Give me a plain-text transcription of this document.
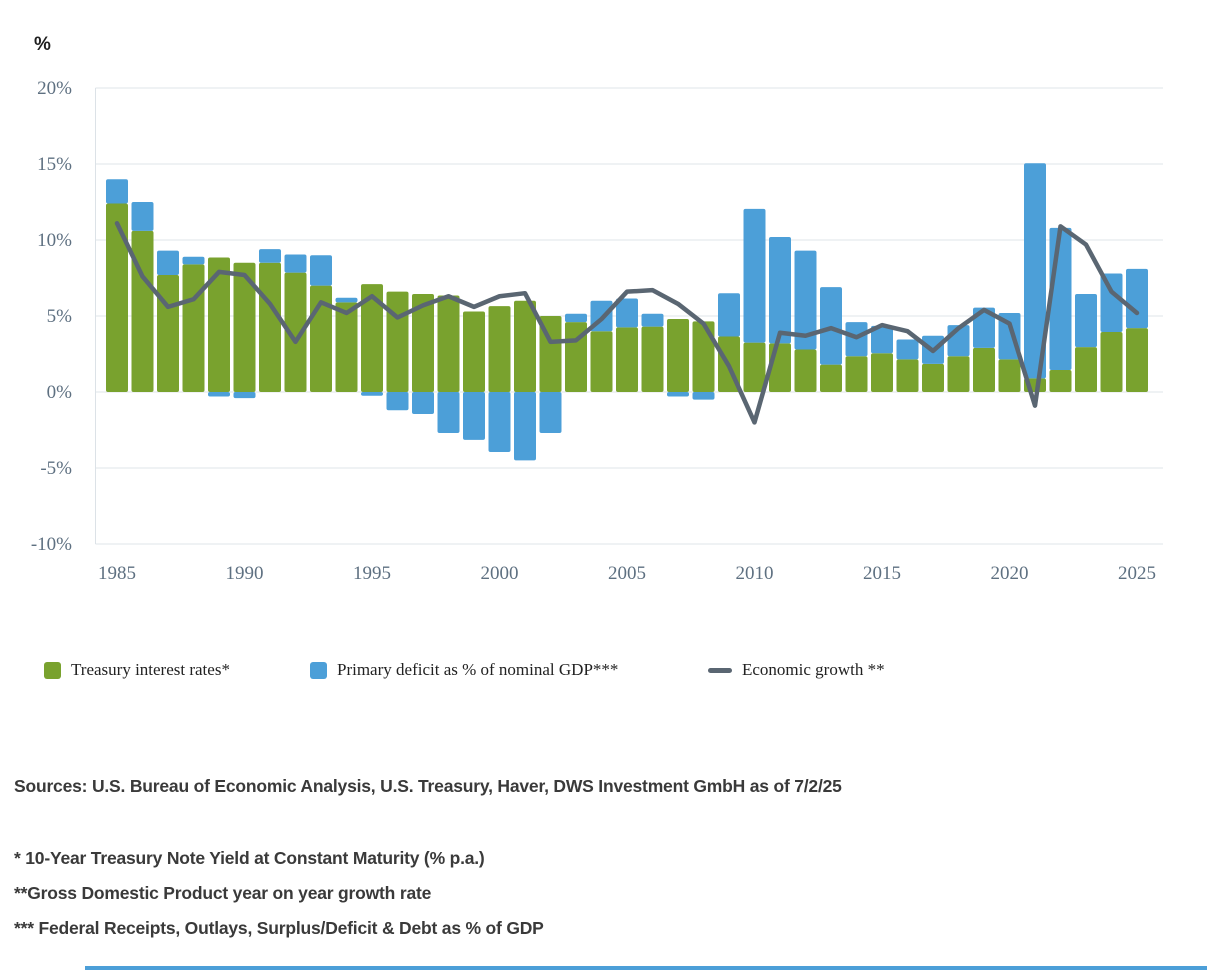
%
20%
15%
10%
5%
0%
-5%
-10%
1985	1990	1995	2000	2005	2010	2015	2020	2025
Treasury interest rates*	Primary deficit as % of nominal GDP***	Economic growth **
Sources: U.S. Bureau of Economic Analysis, U.S. Treasury, Haver, DWS Investment GmbH as of 7/2/25
* 10-Year Treasury Note Yield at Constant Maturity (% p.a.)
**Gross Domestic Product year on year growth rate
*** Federal Receipts, Outlays, Surplus/Deficit & Debt as % of GDP
